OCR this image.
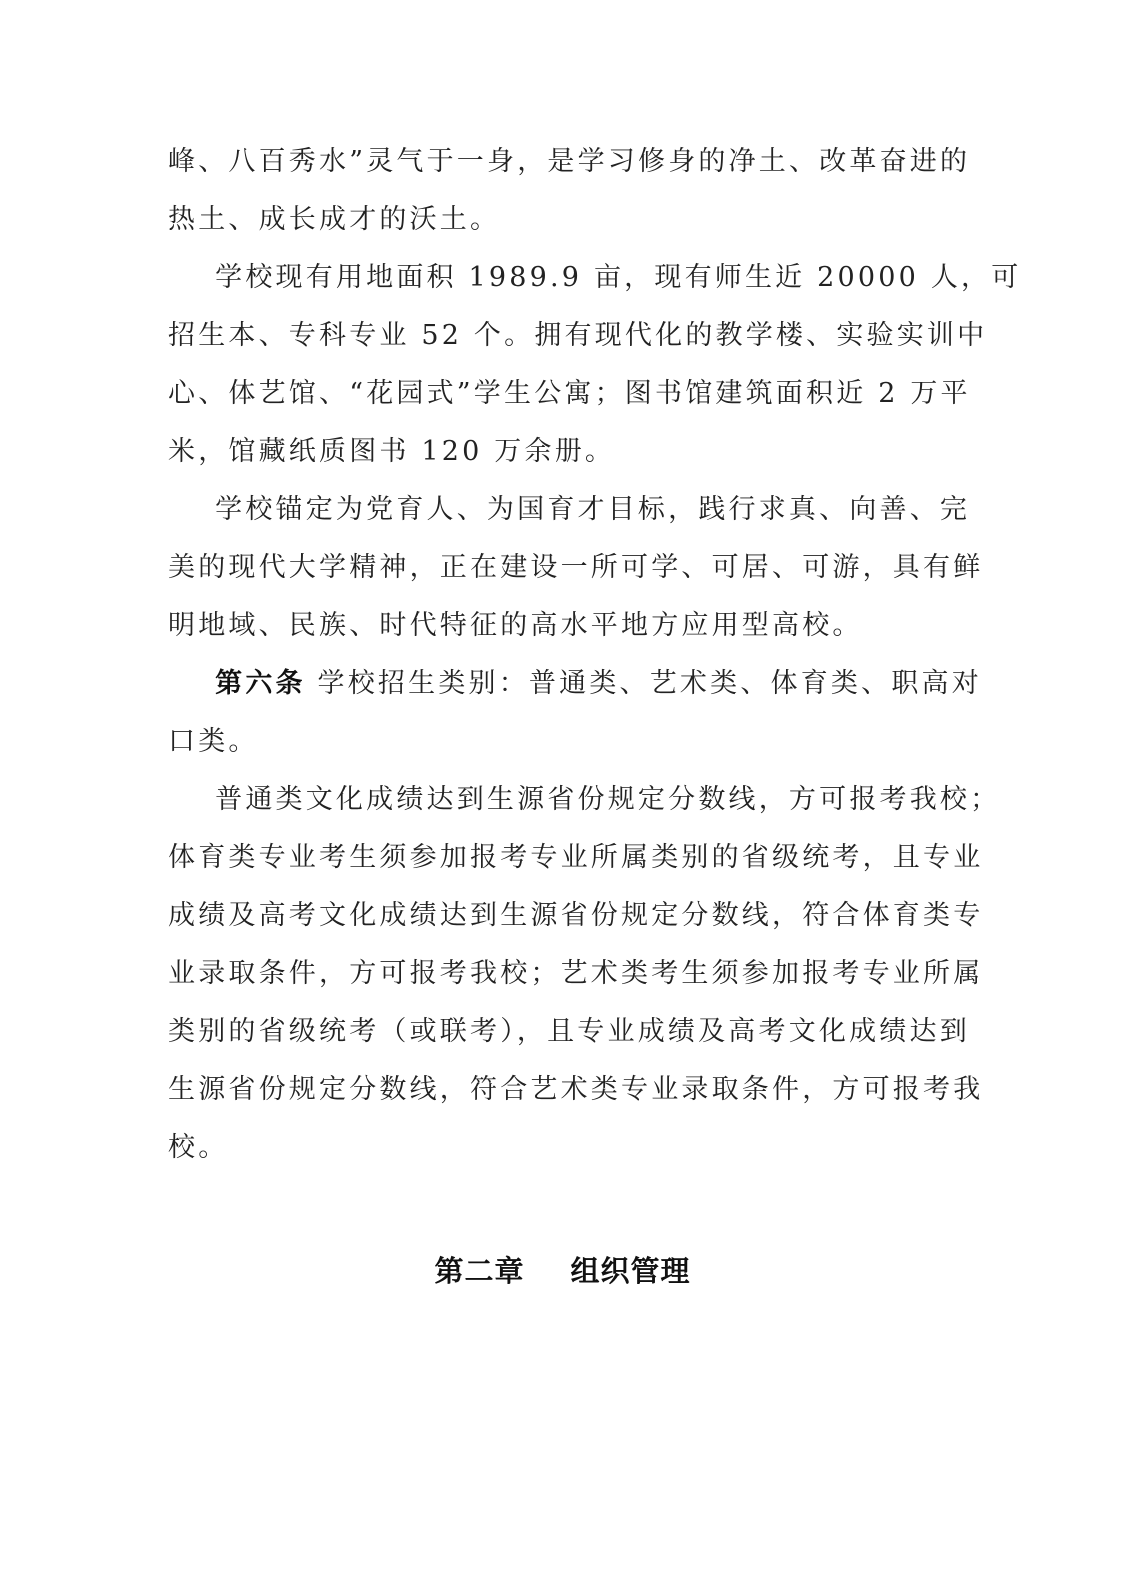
峰、八百秀水”灵气于一身，是学习修身的净土、改革奋进的

热土、成长成才的沃土。

学校现有用地面积 1989.9 亩，现有师生近 20000 人，可

招生本、专科专业 52 个。拥有现代化的教学楼、实验实训中

心、体艺馆、“花园式”学生公寓；图书馆建筑面积近 2 万平

米，馆藏纸质图书 120 万余册。

学校锚定为党育人、为国育才目标，践行求真、向善、完

美的现代大学精神，正在建设一所可学、可居、可游，具有鲜

明地域、民族、时代特征的高水平地方应用型高校。

第六条 学校招生类别：普通类、艺术类、体育类、职高对

口类。

普通类文化成绩达到生源省份规定分数线，方可报考我校；

体育类专业考生须参加报考专业所属类别的省级统考，且专业

成绩及高考文化成绩达到生源省份规定分数线，符合体育类专

业录取条件，方可报考我校；艺术类考生须参加报考专业所属

类别的省级统考（或联考），且专业成绩及高考文化成绩达到

生源省份规定分数线，符合艺术类专业录取条件，方可报考我

校。

第二章 组织管理
